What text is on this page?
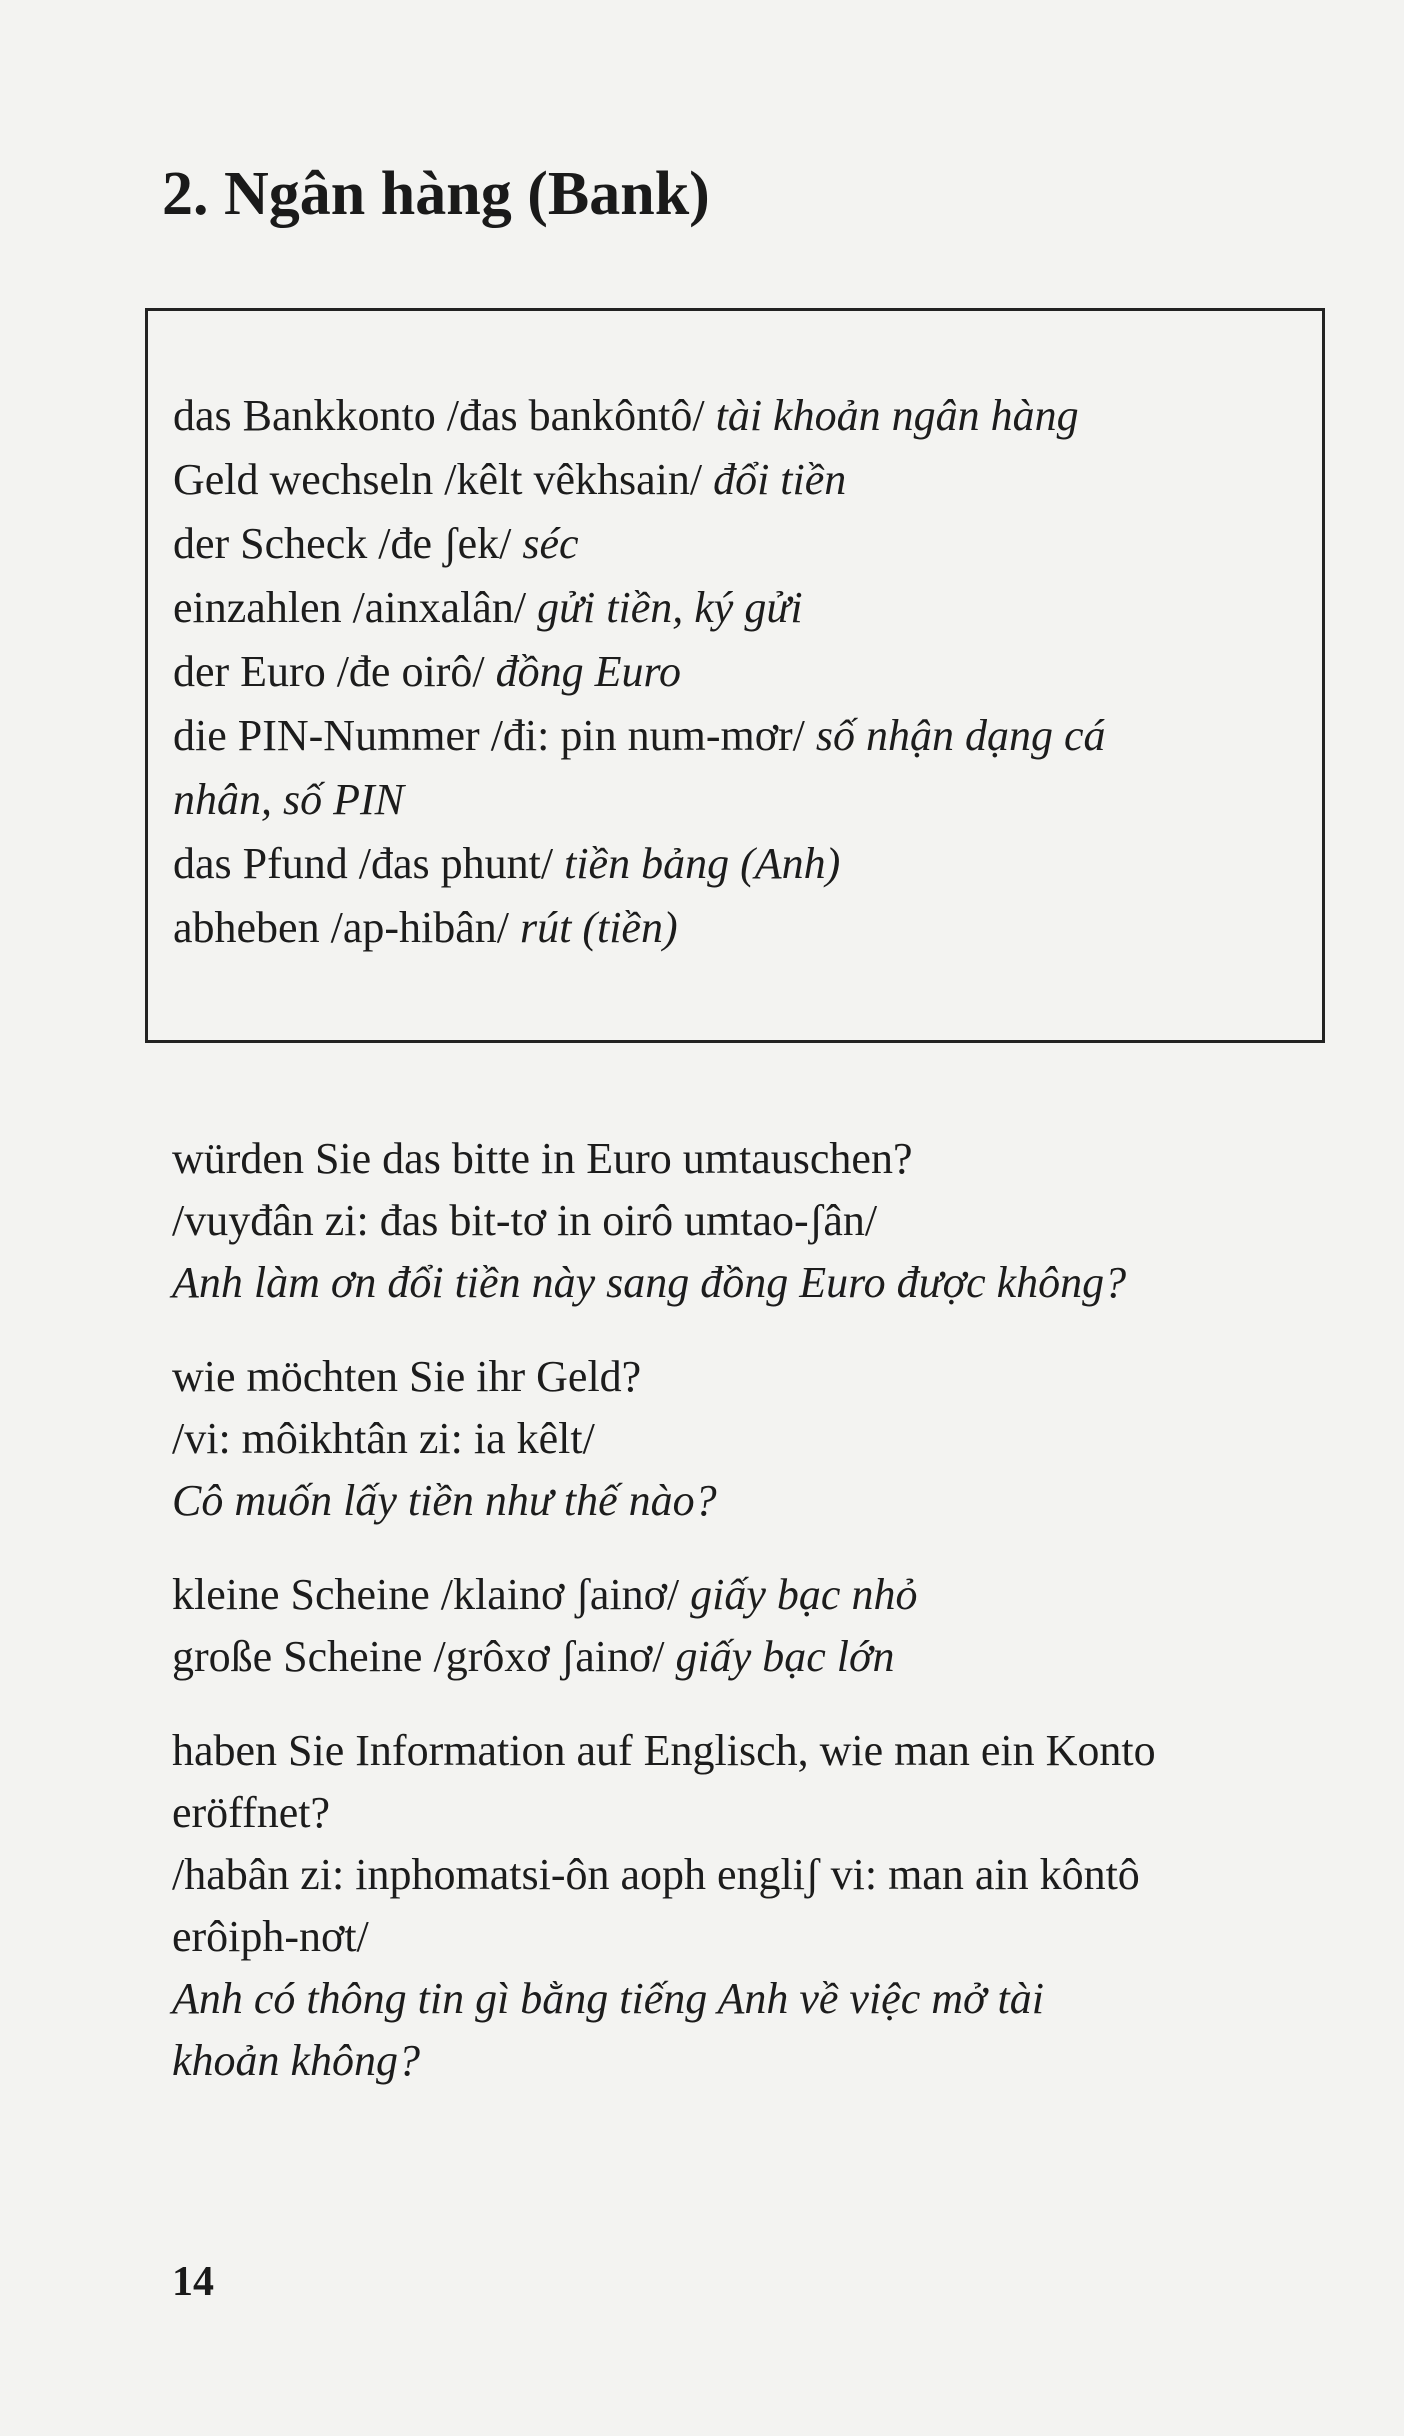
2. Ngân hàng (Bank)
das Bankkonto /đas bankôntô/ tài khoản ngân hàng
Geld wechseln /kêlt vêkhsain/ đổi tiền
der Scheck /đe ʃek/ séc
einzahlen /ainxalân/ gửi tiền, ký gửi
der Euro /đe oirô/ đồng Euro
die PIN-Nummer /đi: pin num-mơr/ số nhận dạng cá
nhân, số PIN
das Pfund /đas phunt/ tiền bảng (Anh)
abheben /ap-hibân/ rút (tiền)
würden Sie das bitte in Euro umtauschen?
/vuyđân zi: đas bit-tơ in oirô umtao-ʃân/
Anh làm ơn đổi tiền này sang đồng Euro được không?
wie möchten Sie ihr Geld?
/vi: môikhtân zi: ia kêlt/
Cô muốn lấy tiền như thế nào?
kleine Scheine /klainơ ʃainơ/ giấy bạc nhỏ
große Scheine /grôxơ ʃainơ/ giấy bạc lớn
haben Sie Information auf Englisch, wie man ein Konto
eröffnet?
/habân zi: inphomatsi-ôn aoph engliʃ vi: man ain kôntô
erôiph-nơt/
Anh có thông tin gì bằng tiếng Anh về việc mở tài
khoản không?
14
